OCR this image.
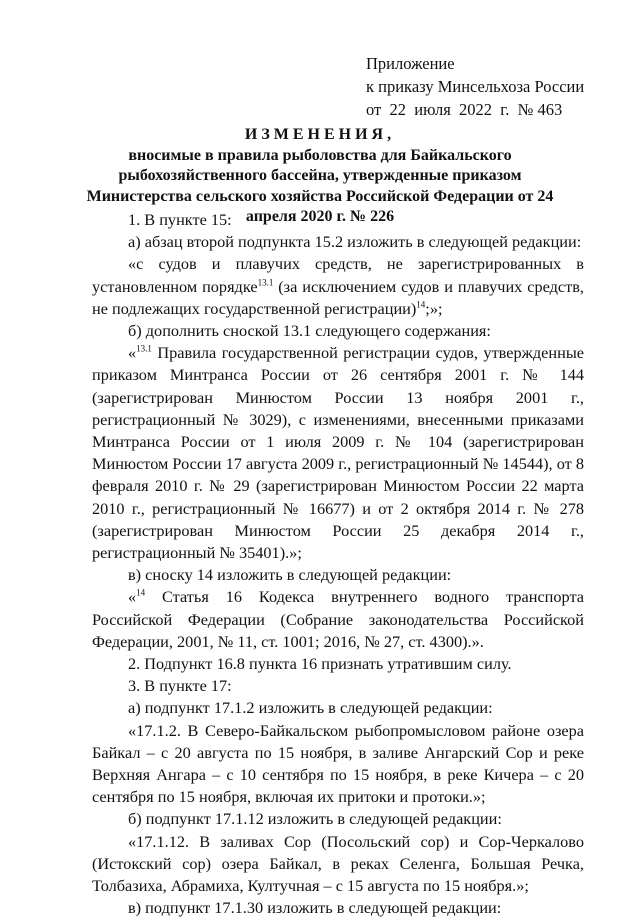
Приложение
к приказу Минсельхоза России
от  22  июля  2022  г.  № 463
ИЗМЕНЕНИЯ,
вносимые в правила рыболовства для Байкальского рыбохозяйственного бассейна, утвержденные приказом Министерства сельского хозяйства Российской Федерации от 24 апреля 2020 г. № 226

1. В пункте 15:

а) абзац второй подпункта 15.2 изложить в следующей редакции:

«с судов и плавучих средств, не зарегистрированных в установленном порядке$^{13.1}$ (за исключением судов и плавучих средств, не подлежащих государственной регистрации)$^{14}$;»;

б) дополнить сноской 13.1 следующего содержания:

«$^{13.1}$ Правила государственной регистрации судов, утвержденные приказом Минтранса России от 26 сентября 2001 г. № 144 (зарегистрирован Минюстом России 13 ноября 2001 г., регистрационный № 3029), с изменениями, внесенными приказами Минтранса России от 1 июля 2009 г. № 104 (зарегистрирован Минюстом России 17 августа 2009 г., регистрационный № 14544), от 8 февраля 2010 г. № 29 (зарегистрирован Минюстом России 22 марта 2010 г., регистрационный № 16677) и от 2 октября 2014 г. № 278 (зарегистрирован Минюстом России 25 декабря 2014 г., регистрационный № 35401).»;

в) сноску 14 изложить в следующей редакции:

«$^{14}$ Статья 16 Кодекса внутреннего водного транспорта Российской Федерации (Собрание законодательства Российской Федерации, 2001, № 11, ст. 1001; 2016, № 27, ст. 4300).».

2. Подпункт 16.8 пункта 16 признать утратившим силу.

3. В пункте 17:

а) подпункт 17.1.2 изложить в следующей редакции:

«17.1.2. В Северо-Байкальском рыбопромысловом районе озера Байкал – с 20 августа по 15 ноября, в заливе Ангарский Сор и реке Верхняя Ангара – с 10 сентября по 15 ноября, в реке Кичера – с 20 сентября по 15 ноября, включая их притоки и протоки.»;

б) подпункт 17.1.12 изложить в следующей редакции:

«17.1.12. В заливах Сор (Посольский сор) и Сор-Черкалово (Истокский сор) озера Байкал, в реках Селенга, Большая Речка, Толбазиха, Абрамиха, Култучная – с 15 августа по 15 ноября.»;

в) подпункт 17.1.30 изложить в следующей редакции:
